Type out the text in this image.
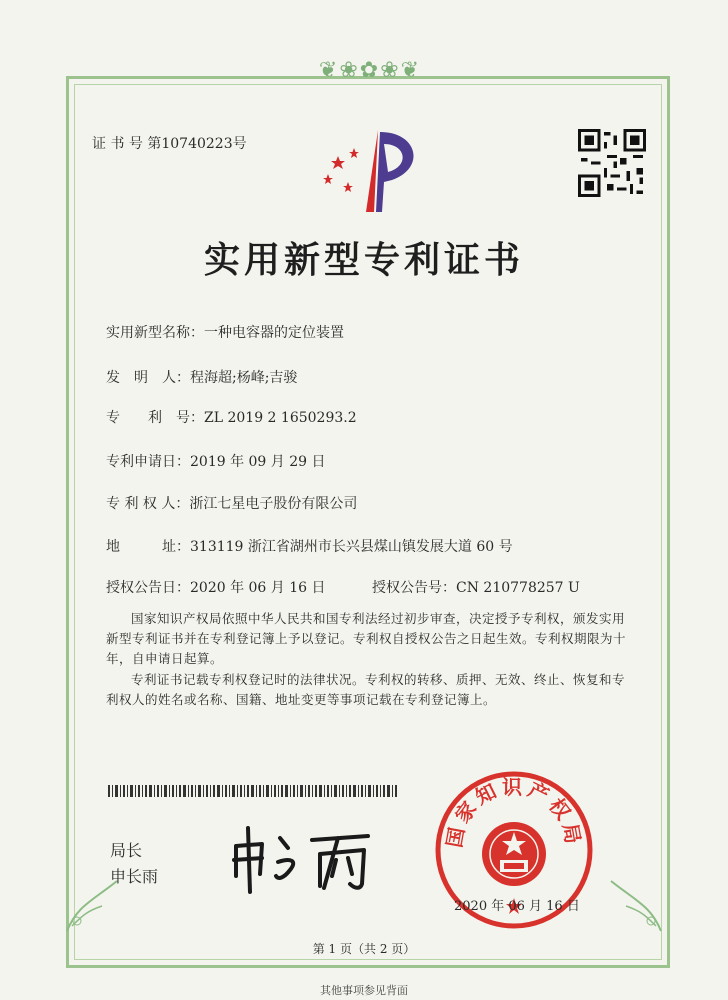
❦❀✿❀❦
证 书 号 第10740223号
实用新型专利证书
实用新型名称：一种电容器的定位装置
发　明　人：程海超;杨峰;吉骏
专　　利　号：ZL 2019 2 1650293.2
专利申请日：2019 年 09 月 29 日
专 利 权 人：浙江七星电子股份有限公司
地　　　址：313119 浙江省湖州市长兴县煤山镇发展大道 60 号
授权公告日：2020 年 06 月 16 日	授权公告号：CN 210778257 U
国家知识产权局依照中华人民共和国专利法经过初步审查，决定授予专利权，颁发实用新型专利证书并在专利登记簿上予以登记。专利权自授权公告之日起生效。专利权期限为十年，自申请日起算。
专利证书记载专利权登记时的法律状况。专利权的转移、质押、无效、终止、恢复和专利权人的姓名或名称、国籍、地址变更等事项记载在专利登记簿上。
局长
申长雨
国家知识产权局
2020 年 06 月 16 日
第 1 页（共 2 页）
其他事项参见背面
